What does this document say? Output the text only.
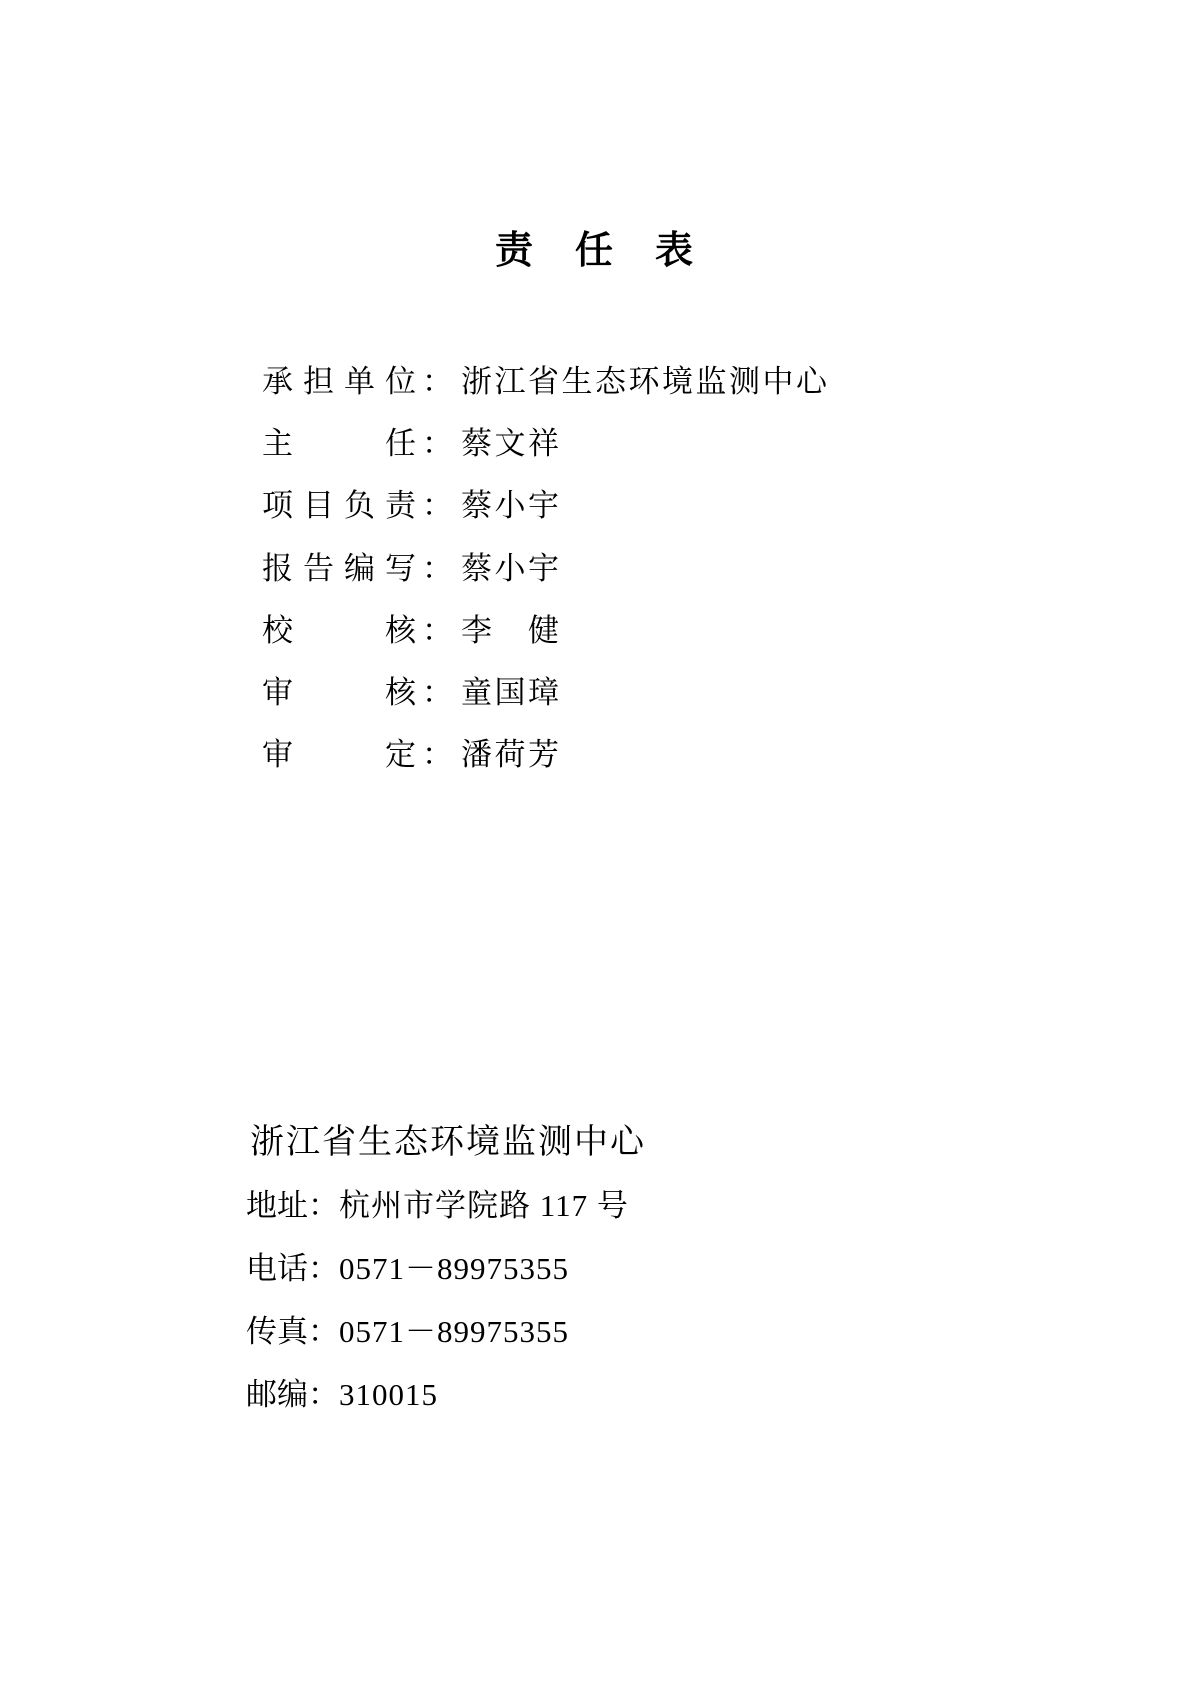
责　任　表
承 担 单 位 ： 浙江省生态环境监测中心
主 任 ： 蔡文祥
项 目 负 责 ： 蔡小宇
报 告 编 写 ： 蔡小宇
校 核 ： 李　健
审 核 ： 童国璋
审 定 ： 潘荷芳
浙江省生态环境监测中心
地址：杭州市学院路 117 号
电话：0571－89975355
传真：0571－89975355
邮编：310015
